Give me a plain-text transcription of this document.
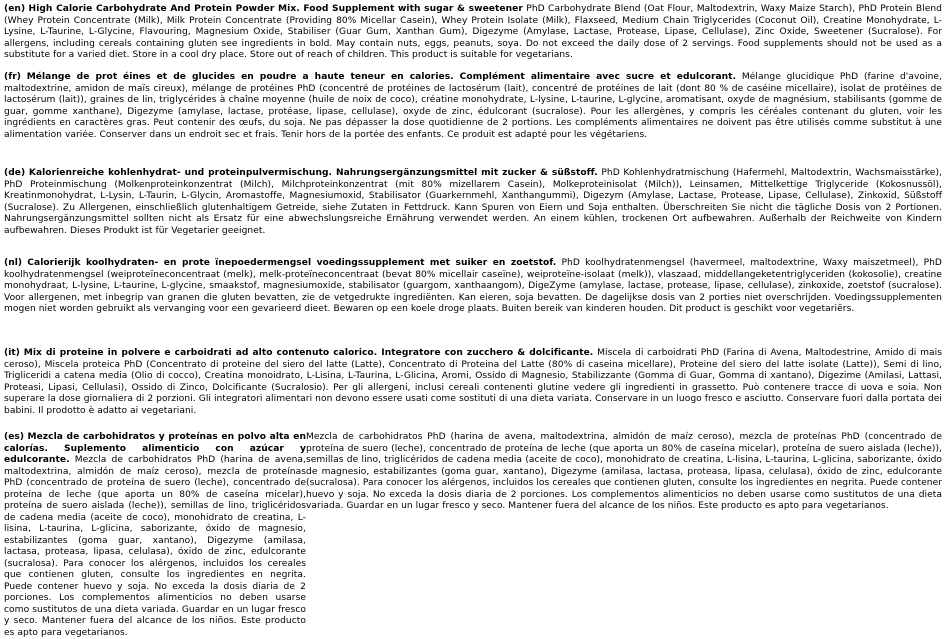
(en) High Calorie Carbohydrate And Protein Powder Mix. Food Supplement with sugar & sweetener PhD Carbohydrate Blend (Oat Flour, Maltodextrin, Waxy Maize Starch), PhD Protein Blend (Whey Protein Concentrate (Milk), Milk Protein Concentrate (Providing 80% Micellar Casein), Whey Protein Isolate (Milk), Flaxseed, Medium Chain Triglycerides (Coconut Oil), Creatine Monohydrate, L-Lysine, L-Taurine, L-Glycine, Flavouring, Magnesium Oxide, Stabiliser (Guar Gum, Xanthan Gum), Digezyme (Amylase, Lactase, Protease, Lipase, Cellulase), Zinc Oxide, Sweetener (Sucralose). For allergens, including cereals containing gluten see ingredients in bold. May contain nuts, eggs, peanuts, soya. Do not exceed the daily dose of 2 servings. Food supplements should not be used as a substitute for a varied diet. Store in a cool dry place. Store out of reach of children. This product is suitable for vegetarians.
(fr) Mélange de prot éines et de glucides en poudre a haute teneur en calories. Complément alimentaire avec sucre et edulcorant. Mélange glucidique PhD (farine d'avoine, maltodextrine, amidon de maïs cireux), mélange de protéines PhD (concentré de protéines de lactosérum (lait), concentré de protéines de lait (dont 80 % de caséine micellaire), isolat de protéines de lactosérum (lait)), graines de lin, triglycérides à chaîne moyenne (huile de noix de coco), créatine monohydrate, L-lysine, L-taurine, L-glycine, aromatisant, oxyde de magnésium, stabilisants (gomme de guar, gomme xanthane), Digezyme (amylase, lactase, protéase, lipase, cellulase), oxyde de zinc, édulcorant (sucralose). Pour les allergènes, y compris les céréales contenant du gluten, voir les ingrédients en caractères gras. Peut contenir des œufs, du soja. Ne pas dépasser la dose quotidienne de 2 portions. Les compléments alimentaires ne doivent pas être utilisés comme substitut à une alimentation variée. Conserver dans un endroit sec et frais. Tenir hors de la portée des enfants. Ce produit est adapté pour les végétariens.
(de) Kalorienreiche kohlenhydrat- und proteinpulvermischung. Nahrungsergänzungsmittel mit zucker & süßstoff. PhD Kohlenhydratmischung (Hafermehl, Maltodextrin, Wachsmaisstärke), PhD Proteinmischung (Molkenproteinkonzentrat (Milch), Milchproteinkonzentrat (mit 80% mizellarem Casein), Molkeproteinisolat (Milch)), Leinsamen, Mittelkettige Triglyceride (Kokosnussöl), Kreatinmonohydrat, L-Lysin, L-Taurin, L-Glycin, Aromastoffe, Magnesiumoxid, Stabilisator (Guarkernmehl, Xanthangummi), Digezym (Amylase, Lactase, Protease, Lipase, Cellulase), Zinkoxid, Süßstoff (Sucralose). Zu Allergenen, einschließlich glutenhaltigem Getreide, siehe Zutaten in Fettdruck. Kann Spuren von Eiern und Soja enthalten. Überschreiten Sie nicht die tägliche Dosis von 2 Portionen. Nahrungsergänzungsmittel sollten nicht als Ersatz für eine abwechslungsreiche Ernährung verwendet werden. An einem kühlen, trockenen Ort aufbewahren. Außerhalb der Reichweite von Kindern aufbewahren. Dieses Produkt ist für Vegetarier geeignet.
(nl) Calorierijk koolhydraten- en prote ïnepoedermengsel voedingssupplement met suiker en zoetstof. PhD koolhydratenmengsel (havermeel, maltodextrine, Waxy maiszetmeel), PhD koolhydratenmengsel (weiproteïneconcentraat (melk), melk-proteïneconcentraat (bevat 80% micellair caseïne), weiproteïne-isolaat (melk)), vlaszaad, middellangeketentriglyceriden (kokosolie), creatine monohydraat, L-lysine, L-taurine, L-glycine, smaakstof, magnesiumoxide, stabilisator (guargom, xanthaangom), DigeZyme (amylase, lactase, protease, lipase, cellulase), zinkoxide, zoetstof (sucralose). Voor allergenen, met inbegrip van granen die gluten bevatten, zie de vetgedrukte ingrediënten. Kan eieren, soja bevatten. De dagelijkse dosis van 2 porties niet overschrijden. Voedingssupplementen mogen niet worden gebruikt als vervanging voor een gevarieerd dieet. Bewaren op een koele droge plaats. Buiten bereik van kinderen houden. Dit product is geschikt voor vegetariërs.
(it) Mix di proteine in polvere e carboidrati ad alto contenuto calorico. Integratore con zucchero & dolcificante. Miscela di carboidrati PhD (Farina di Avena, Maltodestrine, Amido di mais ceroso), Miscela proteica PhD (Concentrato di proteine del siero del latte (Latte), Concentrato di Proteina del Latte (80% di caseina micellare), Proteine del siero del latte isolate (Latte)), Semi di lino, Trigliceridi a catena media (Olio di cocco), Creatina monoidrato, L-Lisina, L-Taurina, L-Glicina, Aromi, Ossido di Magnesio, Stabilizzante (Gomma di Guar, Gomma di xantano), Digezime (Amilasi, Lattasi, Proteasi, Lipasi, Cellulasi), Ossido di Zinco, Dolcificante (Sucralosio). Per gli allergeni, inclusi cereali contenenti glutine vedere gli ingredienti in grassetto. Può contenere tracce di uova e soia. Non superare la dose giornaliera di 2 porzioni. Gli integratori alimentari non devono essere usati come sostituti di una dieta variata. Conservare in un luogo fresco e asciutto. Conservare fuori dalla portata dei babini. Il prodotto è adatto ai vegetariani.
(es) Mezcla de carbohidratos y proteínas en polvo alta en calorías. Suplemento alimenticio con azúcar y edulcorante. Mezcla de carbohidratos PhD (harina de avena, maltodextrina, almidón de maíz ceroso), mezcla de proteínas PhD (concentrado de proteína de suero (leche), concentrado de proteína de leche (que aporta un 80% de caseína micelar), proteína de suero aislada (leche)), semillas de lino, triglicéridos de cadena media (aceite de coco), monohidrato de creatina, L-lisina, L-taurina, L-glicina, saborizante, óxido de magnesio, estabilizantes (goma guar, xantano), Digezyme (amilasa, lactasa, proteasa, lipasa, celulasa), óxido de zinc, edulcorante (sucralosa). Para conocer los alérgenos, incluidos los cereales que contienen gluten, consulte los ingredientes en negrita. Puede contener huevo y soja. No exceda la dosis diaria de 2 porciones. Los complementos alimenticios no deben usarse como sustitutos de una dieta variada. Guardar en un lugar fresco y seco. Mantener fuera del alcance de los niños. Este producto es apto para vegetarianos.
Mezcla de carbohidratos PhD (harina de avena, maltodextrina, almidón de maíz ceroso), mezcla de proteínas PhD (concentrado de proteína de suero (leche), concentrado de proteína de leche (que aporta un 80% de caseína micelar), proteína de suero aislada (leche)), semillas de lino, triglicéridos de cadena media (aceite de coco), monohidrato de creatina, L-lisina, L-taurina, L-glicina, saborizante, óxido de magnesio, estabilizantes (goma guar, xantano), Digezyme (amilasa, lactasa, proteasa, lipasa, celulasa), óxido de zinc, edulcorante (sucralosa). Para conocer los alérgenos, incluidos los cereales que contienen gluten, consulte los ingredientes en negrita. Puede contener huevo y soja. No exceda la dosis diaria de 2 porciones. Los complementos alimenticios no deben usarse como sustitutos de una dieta variada. Guardar en un lugar fresco y seco. Mantener fuera del alcance de los niños. Este producto es apto para vegetarianos.
